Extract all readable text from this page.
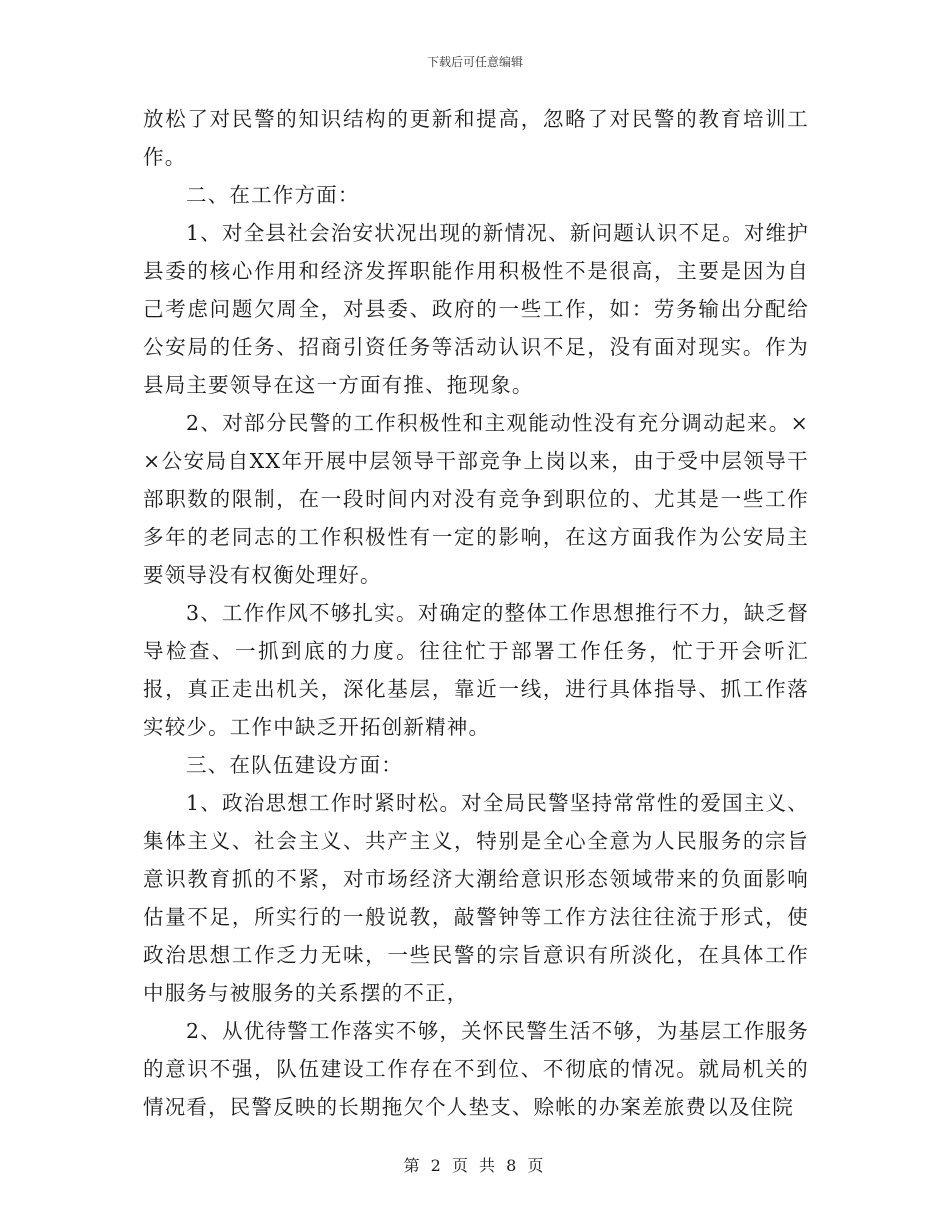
下载后可任意编辑

放松了对民警的知识结构的更新和提高，忽略了对民警的教育培训工作。

二、在工作方面：

1、对全县社会治安状况出现的新情况、新问题认识不足。对维护县委的核心作用和经济发挥职能作用积极性不是很高，主要是因为自己考虑问题欠周全，对县委、政府的一些工作，如：劳务输出分配给公安局的任务、招商引资任务等活动认识不足，没有面对现实。作为县局主要领导在这一方面有推、拖现象。

2、对部分民警的工作积极性和主观能动性没有充分调动起来。××公安局自XX年开展中层领导干部竞争上岗以来，由于受中层领导干部职数的限制，在一段时间内对没有竞争到职位的、尤其是一些工作多年的老同志的工作积极性有一定的影响，在这方面我作为公安局主要领导没有权衡处理好。

3、工作作风不够扎实。对确定的整体工作思想推行不力，缺乏督导检查、一抓到底的力度。往往忙于部署工作任务，忙于开会听汇报，真正走出机关，深化基层，靠近一线，进行具体指导、抓工作落实较少。工作中缺乏开拓创新精神。

三、在队伍建设方面：

1、政治思想工作时紧时松。对全局民警坚持常常性的爱国主义、集体主义、社会主义、共产主义，特别是全心全意为人民服务的宗旨意识教育抓的不紧，对市场经济大潮给意识形态领域带来的负面影响估量不足，所实行的一般说教，敲警钟等工作方法往往流于形式，使政治思想工作乏力无味，一些民警的宗旨意识有所淡化，在具体工作中服务与被服务的关系摆的不正，

2、从优待警工作落实不够，关怀民警生活不够，为基层工作服务的意识不强，队伍建设工作存在不到位、不彻底的情况。就局机关的情况看，民警反映的长期拖欠个人垫支、赊帐的办案差旅费以及住院

第 2 页 共 8 页
